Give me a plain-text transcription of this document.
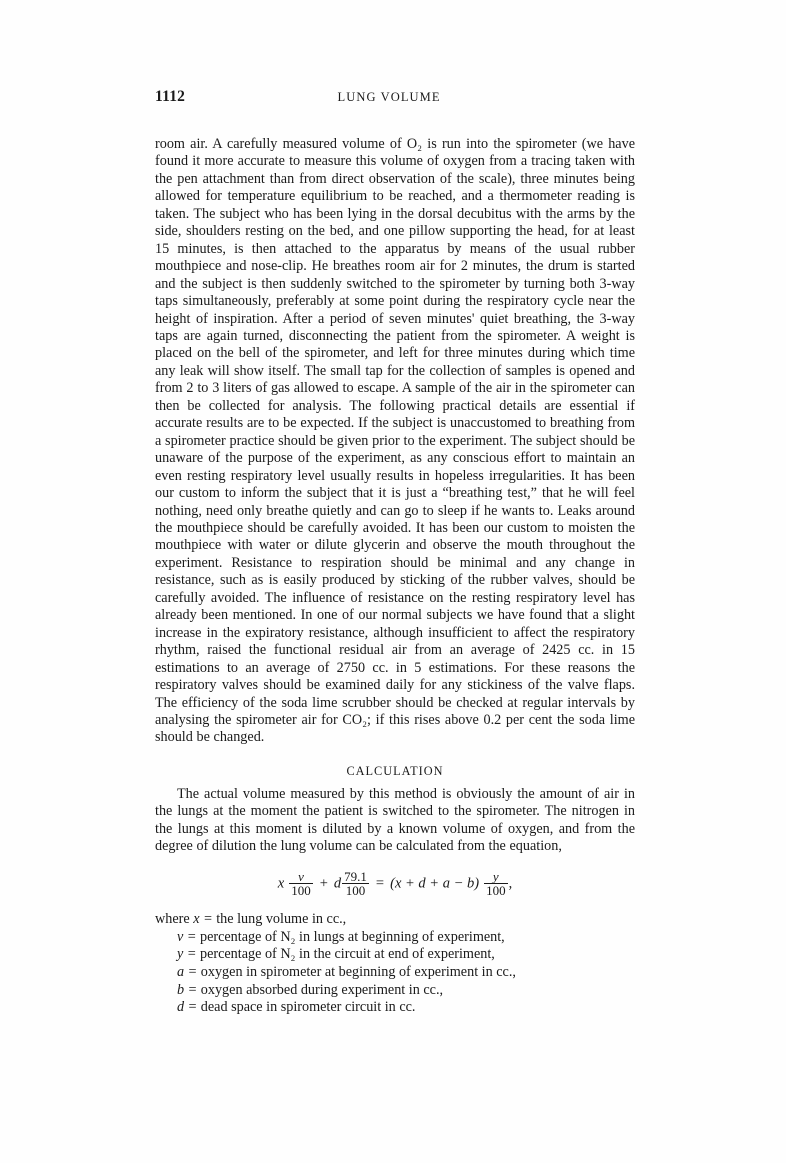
1112	LUNG VOLUME

room air. A carefully measured volume of O₂ is run into the spirometer (we have found it more accurate to measure this volume of oxygen from a tracing taken with the pen attachment than from direct observation of the scale), three minutes being allowed for temperature equilibrium to be reached, and a thermometer reading is taken. The subject who has been lying in the dorsal decubitus with the arms by the side, shoulders resting on the bed, and one pillow supporting the head, for at least 15 minutes, is then attached to the apparatus by means of the usual rubber mouthpiece and nose-clip. He breathes room air for 2 minutes, the drum is started and the subject is then suddenly switched to the spirometer by turning both 3-way taps simultaneously, preferably at some point during the respiratory cycle near the height of inspiration. After a period of seven minutes' quiet breathing, the 3-way taps are again turned, disconnecting the patient from the spirometer. A weight is placed on the bell of the spirometer, and left for three minutes during which time any leak will show itself. The small tap for the collection of samples is opened and from 2 to 3 liters of gas allowed to escape. A sample of the air in the spirometer can then be collected for analysis. The following practical details are essential if accurate results are to be expected. If the subject is unaccustomed to breathing from a spirometer practice should be given prior to the experiment. The subject should be unaware of the purpose of the experiment, as any conscious effort to maintain an even resting respiratory level usually results in hopeless irregularities. It has been our custom to inform the subject that it is just a “breathing test,” that he will feel nothing, need only breathe quietly and can go to sleep if he wants to. Leaks around the mouthpiece should be carefully avoided. It has been our custom to moisten the mouthpiece with water or dilute glycerin and observe the mouth throughout the experiment. Resistance to respiration should be minimal and any change in resistance, such as is easily produced by sticking of the rubber valves, should be carefully avoided. The influence of resistance on the resting respiratory level has already been mentioned. In one of our normal subjects we have found that a slight increase in the expiratory resistance, although insufficient to affect the respiratory rhythm, raised the functional residual air from an average of 2425 cc. in 15 estimations to an average of 2750 cc. in 5 estimations. For these reasons the respiratory valves should be examined daily for any stickiness of the valve flaps. The efficiency of the soda lime scrubber should be checked at regular intervals by analysing the spirometer air for CO₂; if this rises above 0.2 per cent the soda lime should be changed.

CALCULATION

The actual volume measured by this method is obviously the amount of air in the lungs at the moment the patient is switched to the spirometer. The nitrogen in the lungs at this moment is diluted by a known volume of oxygen, and from the degree of dilution the lung volume can be calculated from the equation,

x $\frac{v}{100} + d \frac{79.1}{100} = (x + d + a - b) \frac{y}{100}$ ,
where x = the lung volume in cc.,
v = percentage of N₂ in lungs at beginning of experiment,
y = percentage of N₂ in the circuit at end of experiment,
a = oxygen in spirometer at beginning of experiment in cc.,
b = oxygen absorbed during experiment in cc.,
d = dead space in spirometer circuit in cc.
